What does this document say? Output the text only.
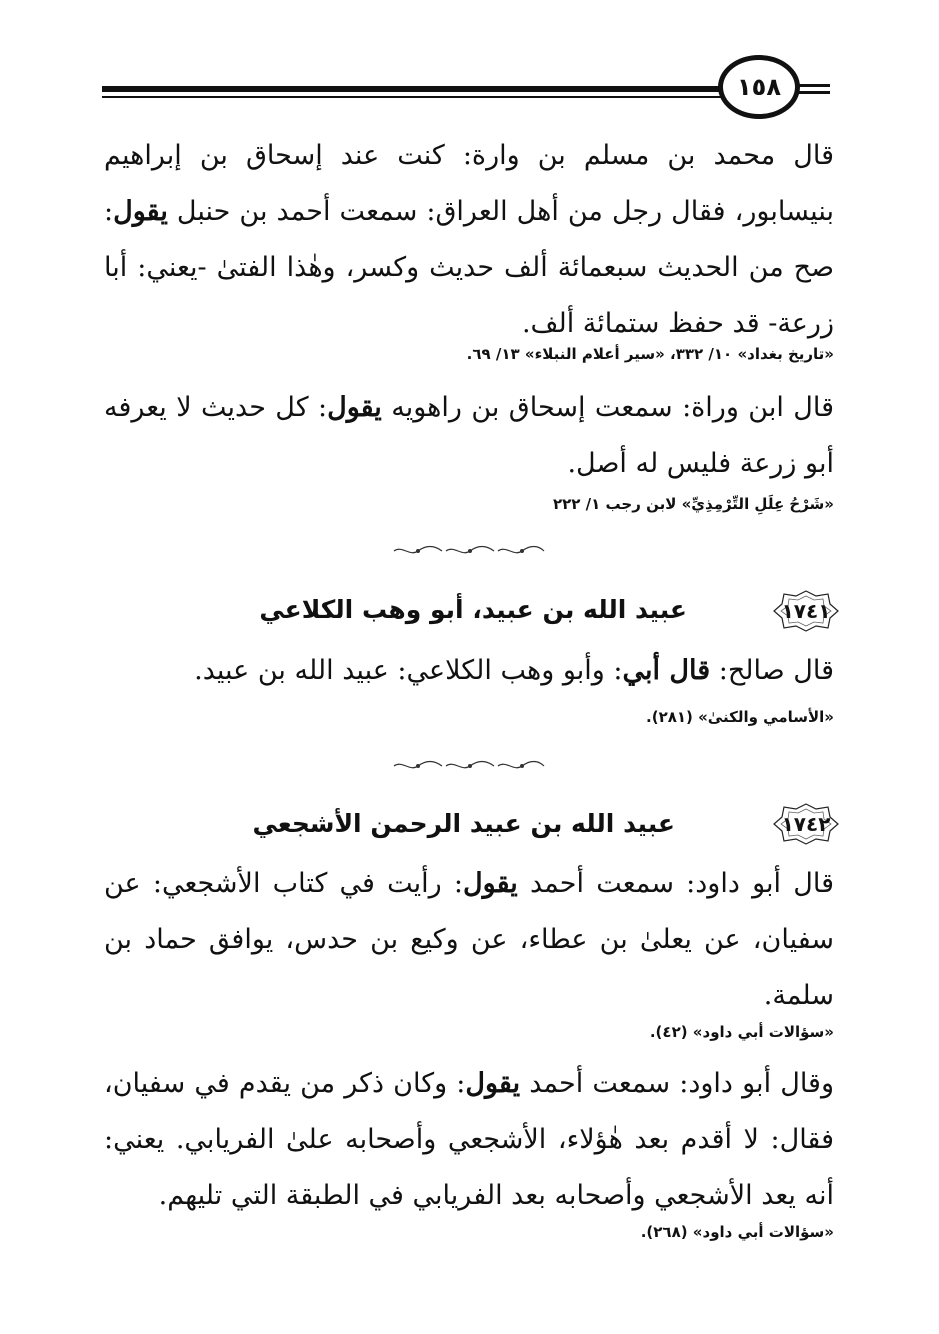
١٥٨
قال محمد بن مسلم بن وارة: كنت عند إسحاق بن إبراهيم بنيسابور، فقال رجل من أهل العراق: سمعت أحمد بن حنبل يقول: صح من الحديث سبعمائة ألف حديث وكسر، وهٰذا الفتىٰ -يعني: أبا زرعة- قد حفظ ستمائة ألف.
«تاريخ بغداد» ١٠/ ٣٣٢، «سير أعلام النبلاء» ١٣/ ٦٩.
قال ابن وراة: سمعت إسحاق بن راهويه يقول: كل حديث لا يعرفه أبو زرعة فليس له أصل.
«شَرْحُ عِلَلِ التِّرْمِذِيِّ» لابن رجب ١/ ٢٢٢
١٧٤١
عبيد الله بن عبيد، أبو وهب الكلاعي
قال صالح: قال أبي: وأبو وهب الكلاعي: عبيد الله بن عبيد.
«الأسامي والكنىٰ» (٢٨١).
١٧٤٢
عبيد الله بن عبيد الرحمن الأشجعي
قال أبو داود: سمعت أحمد يقول: رأيت في كتاب الأشجعي: عن سفيان، عن يعلىٰ بن عطاء، عن وكيع بن حدس، يوافق حماد بن سلمة.
«سؤالات أبي داود» (٤٢).
وقال أبو داود: سمعت أحمد يقول: وكان ذكر من يقدم في سفيان، فقال: لا أقدم بعد هٰؤلاء، الأشجعي وأصحابه علىٰ الفريابي. يعني: أنه يعد الأشجعي وأصحابه بعد الفريابي في الطبقة التي تليهم.
«سؤالات أبي داود» (٢٦٨).
